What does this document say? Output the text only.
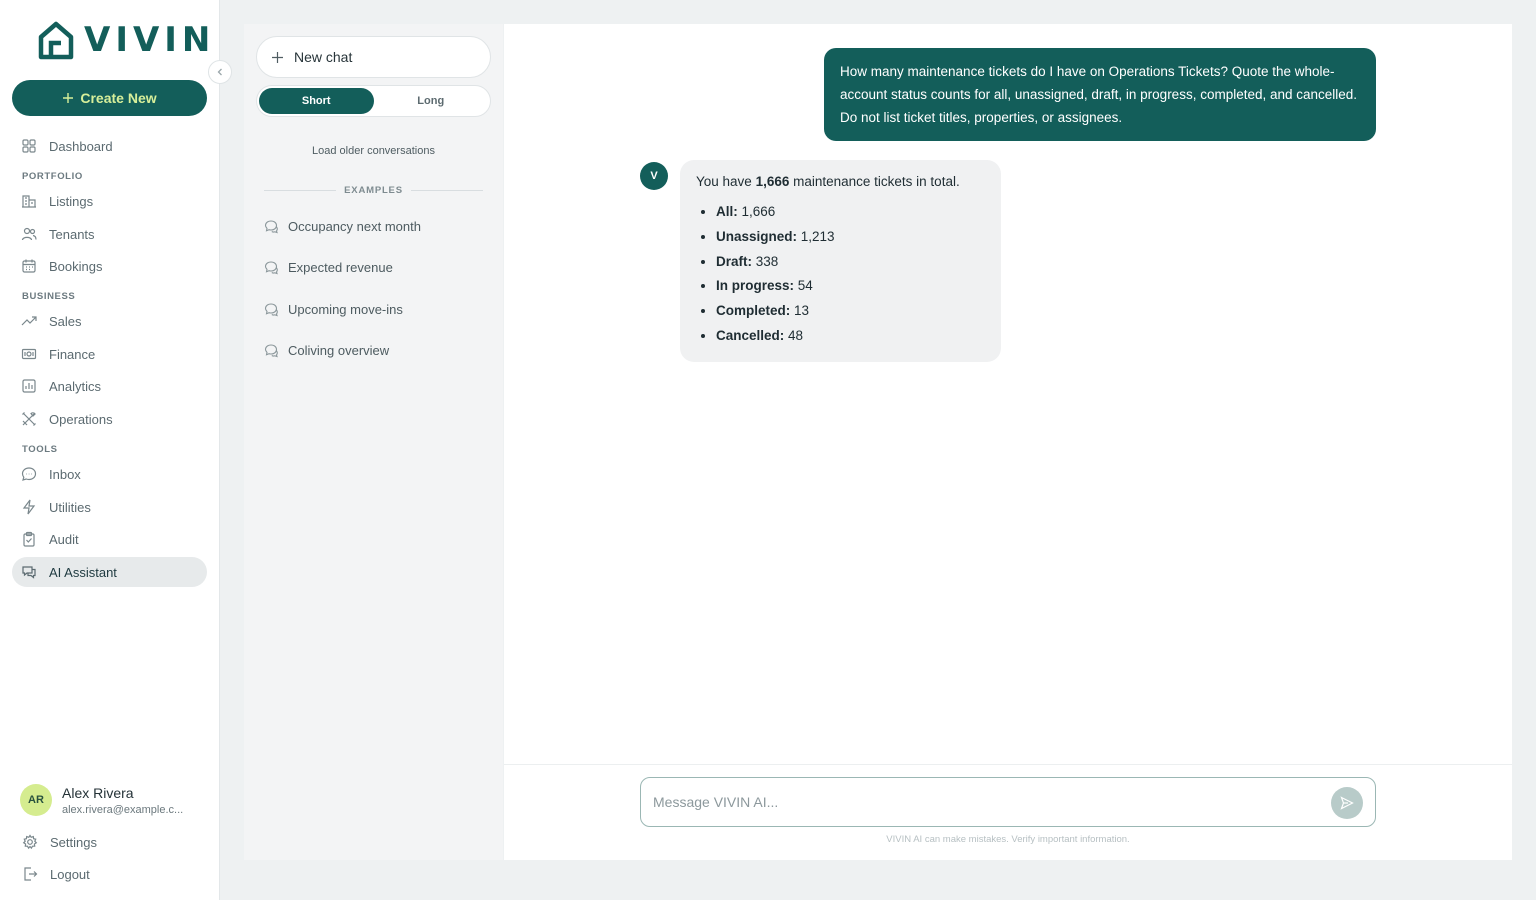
VIVIN
Create New
Dashboard
PORTFOLIO
Listings
Tenants
Bookings
BUSINESS
Sales
Finance
Analytics
Operations
TOOLS
Inbox
Utilities
Audit
AI Assistant
AR	Alex Rivera
alex.rivera@example.c...
Settings
Logout
New chat
Short	Long
Load older conversations
EXAMPLES
Occupancy next month
Expected revenue
Upcoming move-ins
Coliving overview
How many maintenance tickets do I have on Operations Tickets? Quote the whole-account status counts for all, unassigned, draft, in progress, completed, and cancelled. Do not list ticket titles, properties, or assignees.
V	You have 1,666 maintenance tickets in total.

• All: 1,666
• Unassigned: 1,213
• Draft: 338
• In progress: 54
• Completed: 13
• Cancelled: 48
Message VIVIN AI...
VIVIN AI can make mistakes. Verify important information.
